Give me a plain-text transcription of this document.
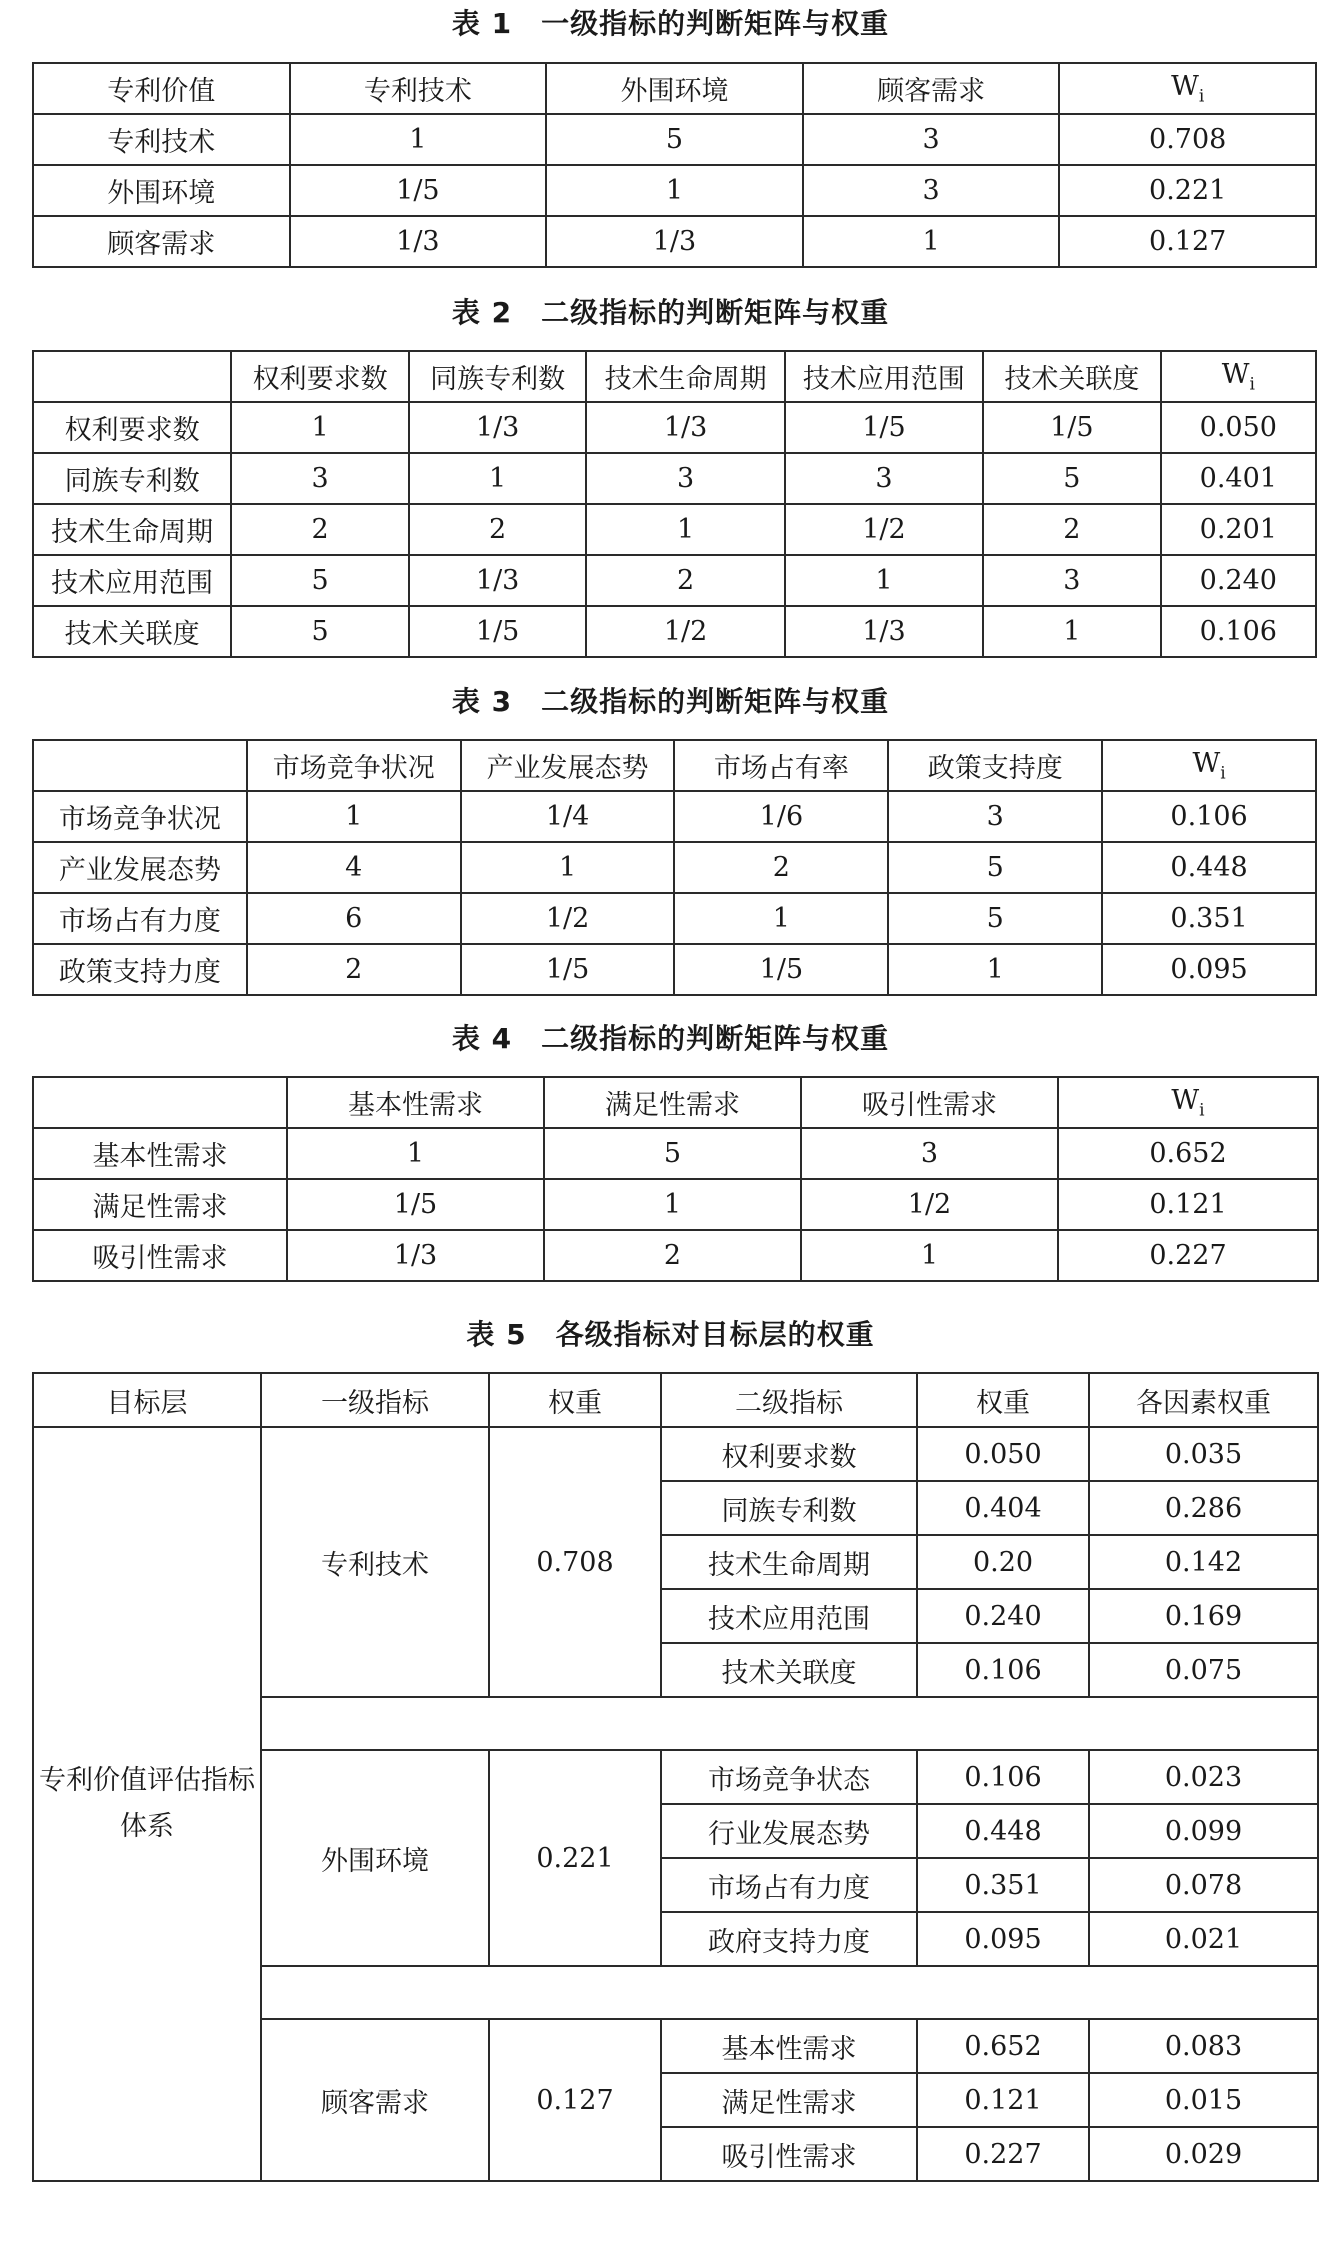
表 1　一级指标的判断矩阵与权重
专利价值	专利技术	外围环境	顾客需求	$W_i$
专利技术	1	5	3	0.708
外围环境	1/5	1	3	0.221
顾客需求	1/3	1/3	1	0.127
表 2　二级指标的判断矩阵与权重
	权利要求数	同族专利数	技术生命周期	技术应用范围	技术关联度	$W_i$
权利要求数	1	1/3	1/3	1/5	1/5	0.050
同族专利数	3	1	3	3	5	0.401
技术生命周期	2	2	1	1/2	2	0.201
技术应用范围	5	1/3	2	1	3	0.240
技术关联度	5	1/5	1/2	1/3	1	0.106
表 3　二级指标的判断矩阵与权重
	市场竞争状况	产业发展态势	市场占有率	政策支持度	$W_i$
市场竞争状况	1	1/4	1/6	3	0.106
产业发展态势	4	1	2	5	0.448
市场占有力度	6	1/2	1	5	0.351
政策支持力度	2	1/5	1/5	1	0.095
表 4　二级指标的判断矩阵与权重
	基本性需求	满足性需求	吸引性需求	$W_i$
基本性需求	1	5	3	0.652
满足性需求	1/5	1	1/2	0.121
吸引性需求	1/3	2	1	0.227
表 5　各级指标对目标层的权重
目标层	一级指标	权重	二级指标	权重	各因素权重
专利价值评估指标体系	专利技术	0.708	权利要求数	0.050	0.035
			同族专利数	0.404	0.286
			技术生命周期	0.20	0.142
			技术应用范围	0.240	0.169
			技术关联度	0.106	0.075

	外围环境	0.221	市场竞争状态	0.106	0.023
			行业发展态势	0.448	0.099
			市场占有力度	0.351	0.078
			政府支持力度	0.095	0.021

	顾客需求	0.127	基本性需求	0.652	0.083
			满足性需求	0.121	0.015
			吸引性需求	0.227	0.029
